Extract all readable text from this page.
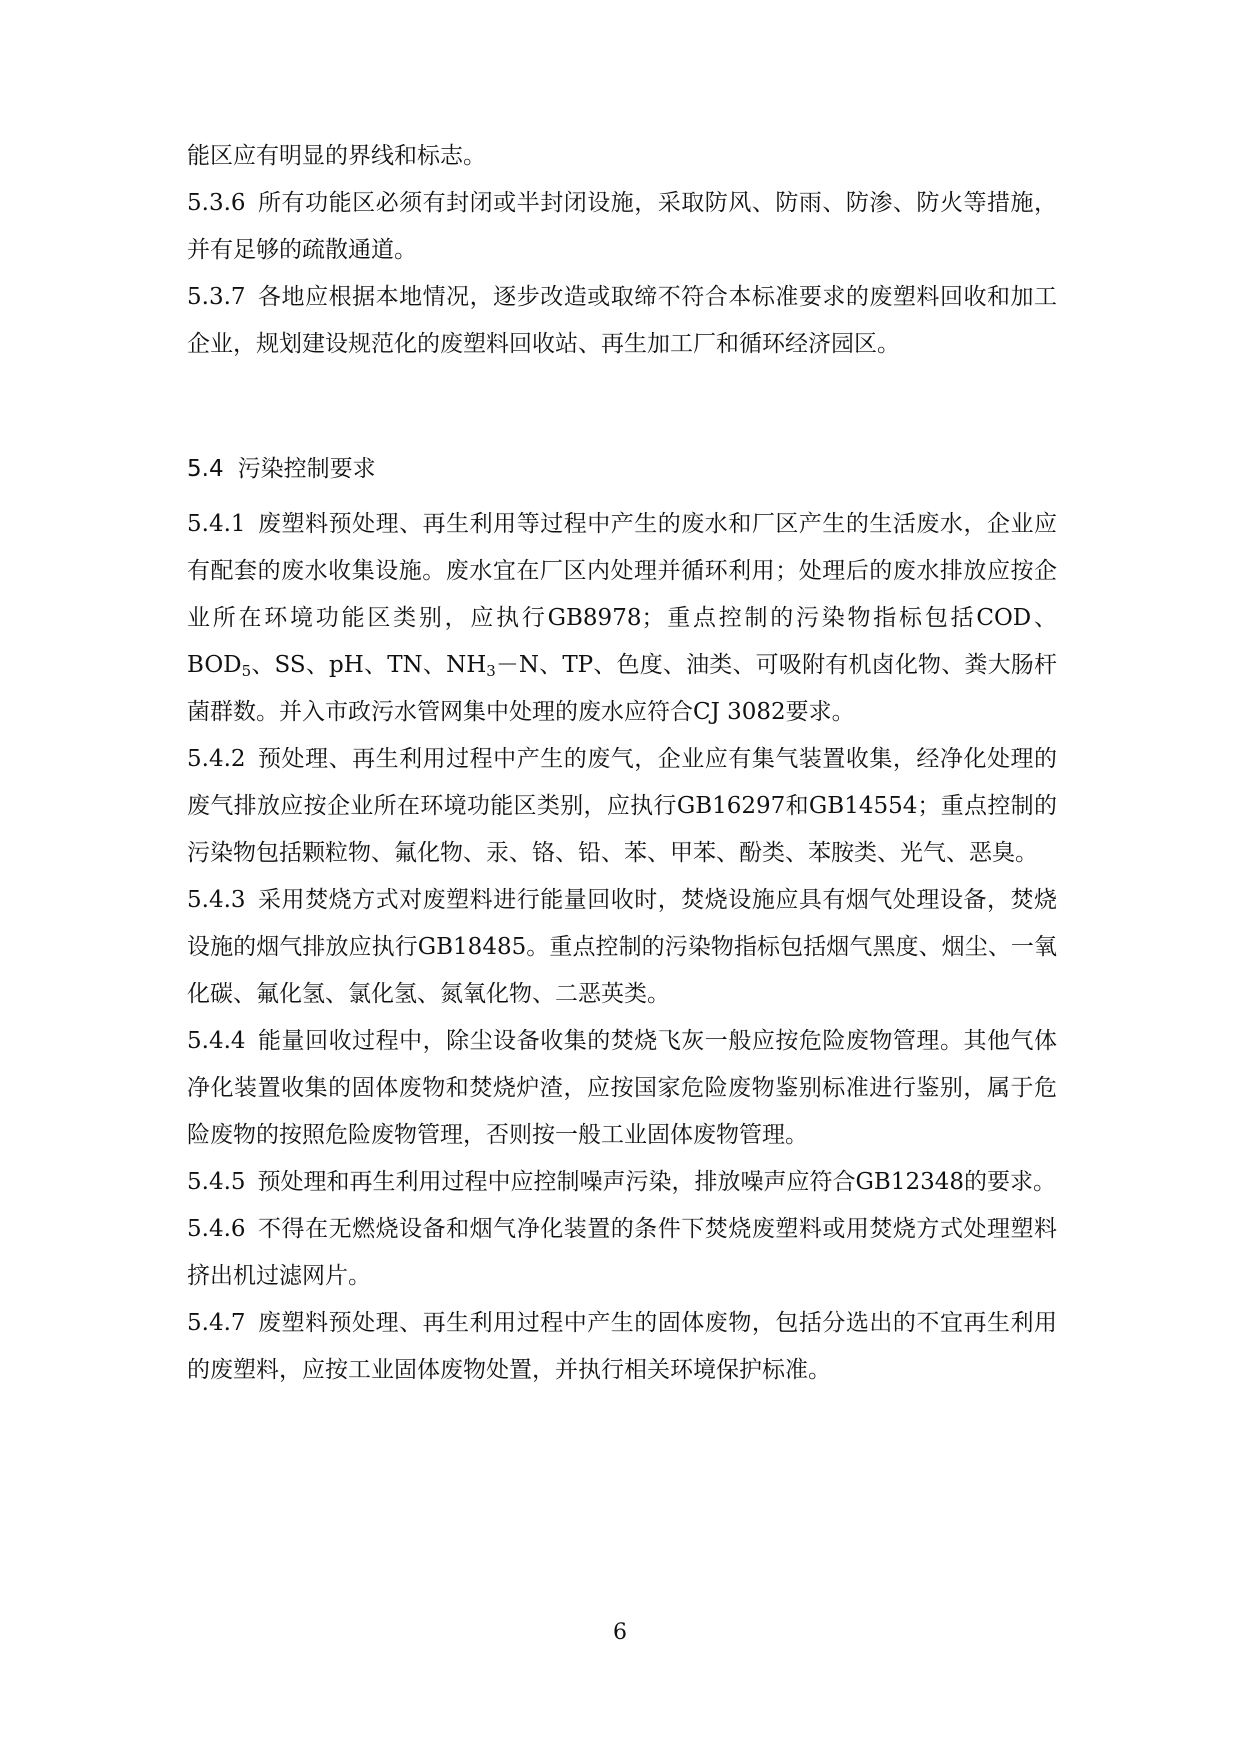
能区应有明显的界线和标志。

5.3.6 所有功能区必须有封闭或半封闭设施，采取防风、防雨、防渗、防火等措施，并有足够的疏散通道。

5.3.7 各地应根据本地情况，逐步改造或取缔不符合本标准要求的废塑料回收和加工企业，规划建设规范化的废塑料回收站、再生加工厂和循环经济园区。

5.4 污染控制要求

5.4.1 废塑料预处理、再生利用等过程中产生的废水和厂区产生的生活废水，企业应有配套的废水收集设施。废水宜在厂区内处理并循环利用；处理后的废水排放应按企业所在环境功能区类别，应执行GB8978；重点控制的污染物指标包括COD、$BOD_5$、SS、pH、TN、$NH_3-N$、TP、色度、油类、可吸附有机卤化物、粪大肠杆菌群数。并入市政污水管网集中处理的废水应符合CJ 3082要求。

5.4.2 预处理、再生利用过程中产生的废气，企业应有集气装置收集，经净化处理的废气排放应按企业所在环境功能区类别，应执行GB16297和GB14554；重点控制的污染物包括颗粒物、氟化物、汞、铬、铅、苯、甲苯、酚类、苯胺类、光气、恶臭。

5.4.3 采用焚烧方式对废塑料进行能量回收时，焚烧设施应具有烟气处理设备，焚烧设施的烟气排放应执行GB18485。重点控制的污染物指标包括烟气黑度、烟尘、一氧化碳、氟化氢、氯化氢、氮氧化物、二恶英类。

5.4.4 能量回收过程中，除尘设备收集的焚烧飞灰一般应按危险废物管理。其他气体净化装置收集的固体废物和焚烧炉渣，应按国家危险废物鉴别标准进行鉴别，属于危险废物的按照危险废物管理，否则按一般工业固体废物管理。

5.4.5 预处理和再生利用过程中应控制噪声污染，排放噪声应符合GB12348的要求。

5.4.6 不得在无燃烧设备和烟气净化装置的条件下焚烧废塑料或用焚烧方式处理塑料挤出机过滤网片。

5.4.7 废塑料预处理、再生利用过程中产生的固体废物，包括分选出的不宜再生利用的废塑料，应按工业固体废物处置，并执行相关环境保护标准。

6
